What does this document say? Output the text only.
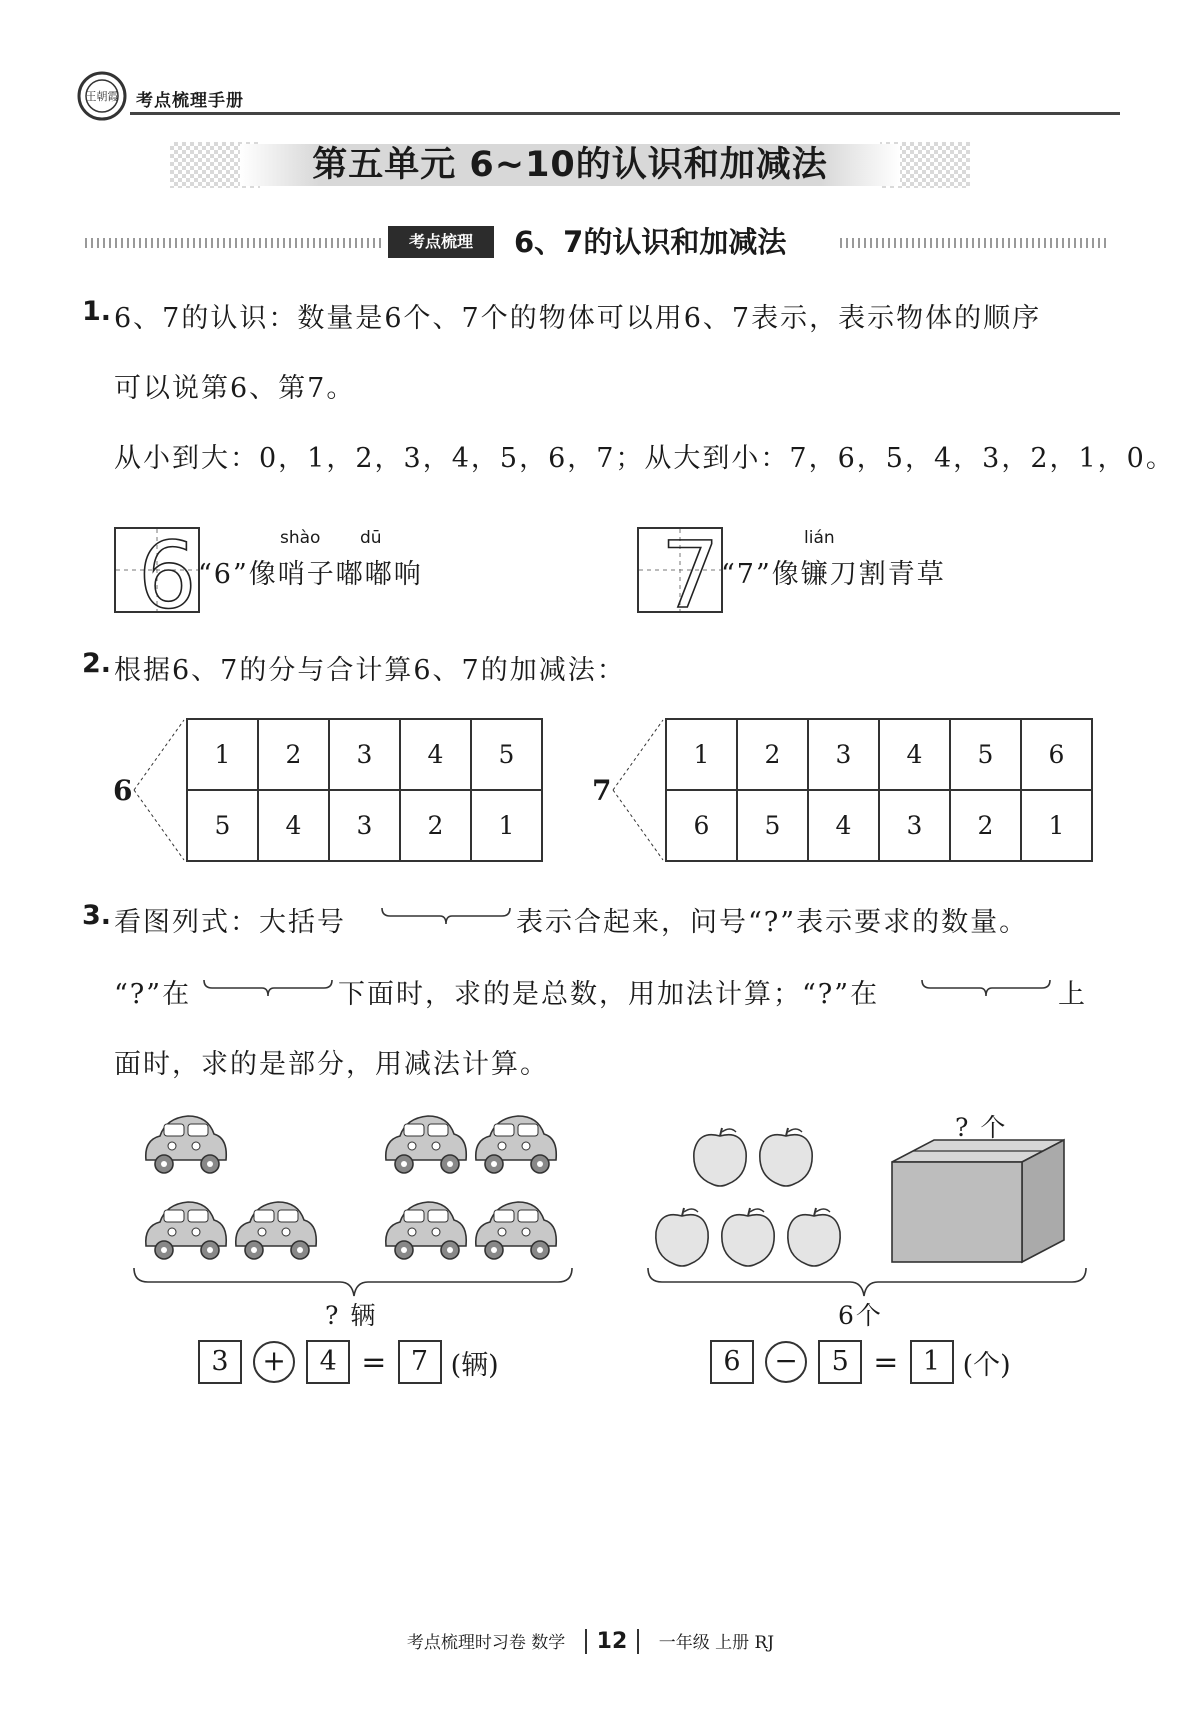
王朝霞 考点梳理手册
第五单元 6~10的认识和加减法
考点梳理	6、7的认识和加减法
1. 6、7的认识：数量是6个、7个的物体可以用6、7表示，表示物体的顺序
可以说第6、第7。
从小到大：0，1，2，3，4，5，6，7；从大到小：7，6，5，4，3，2，1，0。
6	shào dū
“6”像哨子嘟嘟响	7	lián
“7”像镰刀割青草
2. 根据6、7的分与合计算6、7的加减法：
6
1	2	3	4	5
5	4	3	2	1
7
1	2	3	4	5	6
6	5	4	3	2	1
3. 看图列式：大括号	表示合起来，问号“?”表示要求的数量。
“?”在	下面时，求的是总数，用加法计算；“?”在	上
面时，求的是部分，用减法计算。
? 辆
3 + 4 = 7 (辆)
? 个
6个
6 − 5 = 1 (个)
考点梳理时习卷 数学 12 一年级 上册 RJ
